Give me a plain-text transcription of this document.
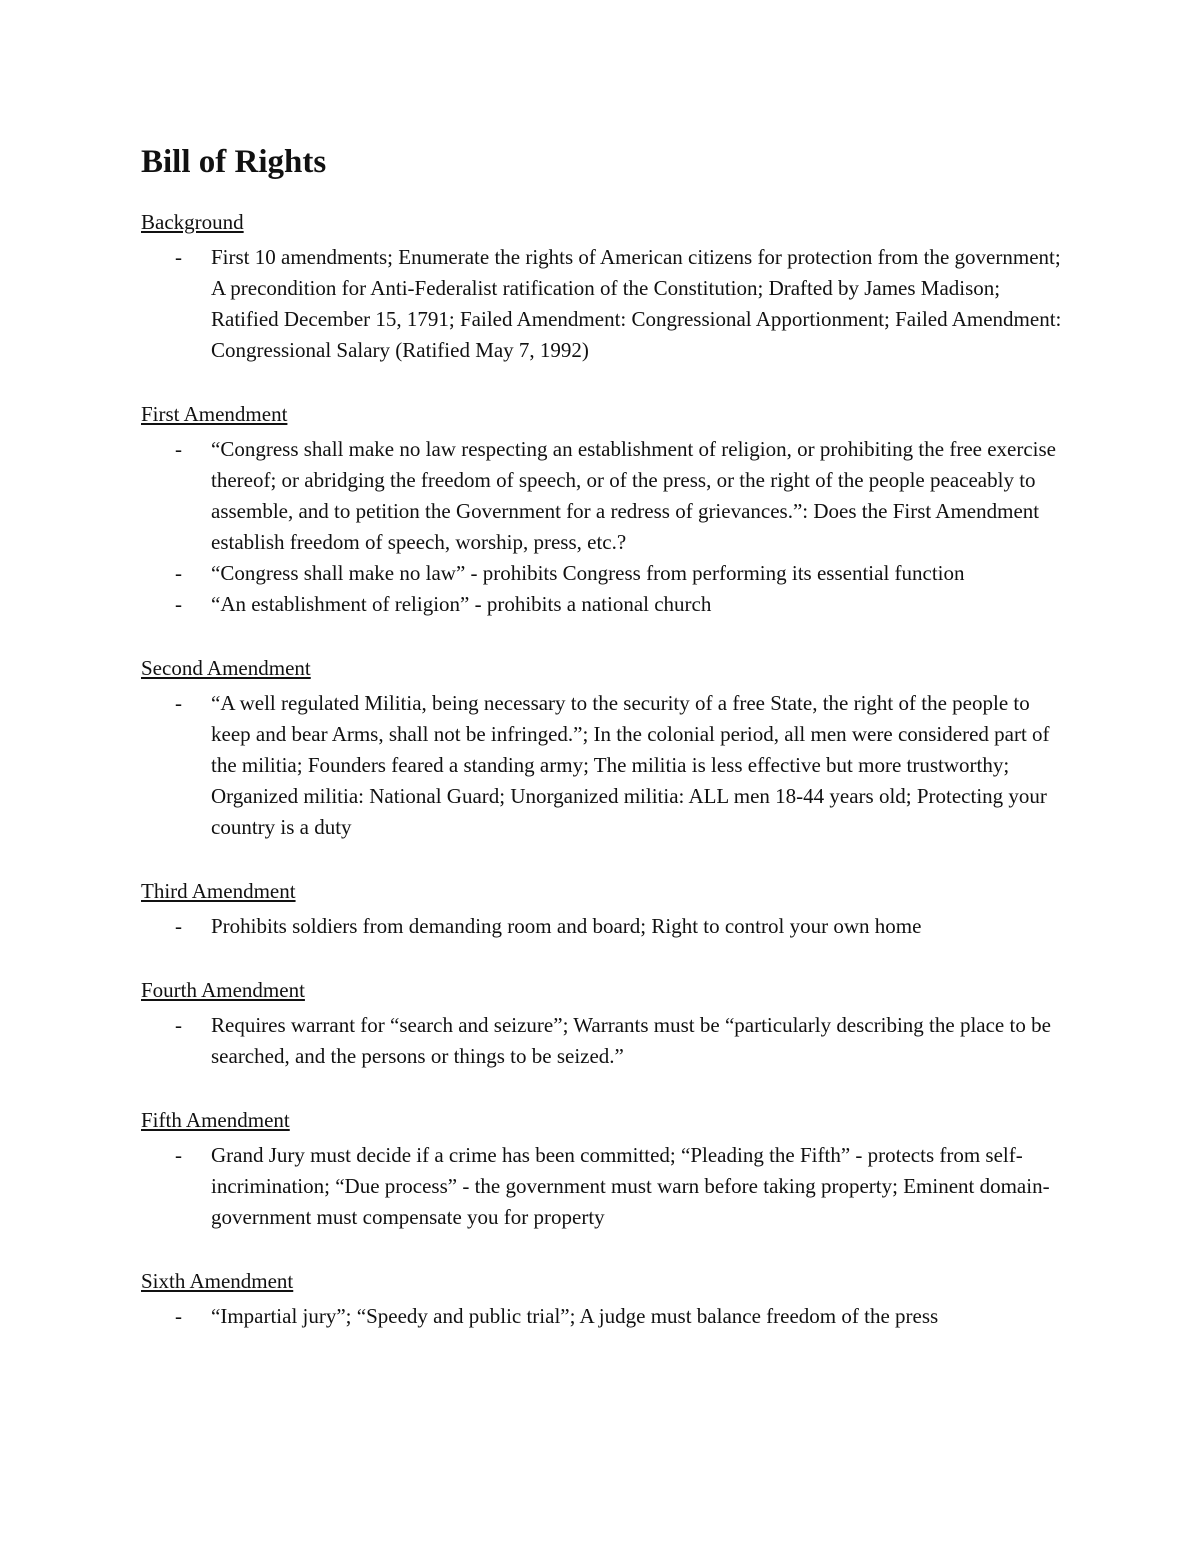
Bill of Rights
Background
- First 10 amendments; Enumerate the rights of American citizens for protection from the government; A precondition for Anti-Federalist ratification of the Constitution; Drafted by James Madison; Ratified December 15, 1791; Failed Amendment: Congressional Apportionment; Failed Amendment: Congressional Salary (Ratified May 7, 1992)
First Amendment
- “Congress shall make no law respecting an establishment of religion, or prohibiting the free exercise thereof; or abridging the freedom of speech, or of the press, or the right of the people peaceably to assemble, and to petition the Government for a redress of grievances.”: Does the First Amendment establish freedom of speech, worship, press, etc.?
- “Congress shall make no law” - prohibits Congress from performing its essential function
- “An establishment of religion” - prohibits a national church
Second Amendment
- “A well regulated Militia, being necessary to the security of a free State, the right of the people to keep and bear Arms, shall not be infringed.”; In the colonial period, all men were considered part of the militia; Founders feared a standing army; The militia is less effective but more trustworthy; Organized militia: National Guard; Unorganized militia: ALL men 18-44 years old; Protecting your country is a duty
Third Amendment
- Prohibits soldiers from demanding room and board; Right to control your own home
Fourth Amendment
- Requires warrant for “search and seizure”; Warrants must be “particularly describing the place to be searched, and the persons or things to be seized.”
Fifth Amendment
- Grand Jury must decide if a crime has been committed; “Pleading the Fifth” - protects from self-incrimination; “Due process” - the government must warn before taking property; Eminent domain-government must compensate you for property
Sixth Amendment
- “Impartial jury”; “Speedy and public trial”; A judge must balance freedom of the press
